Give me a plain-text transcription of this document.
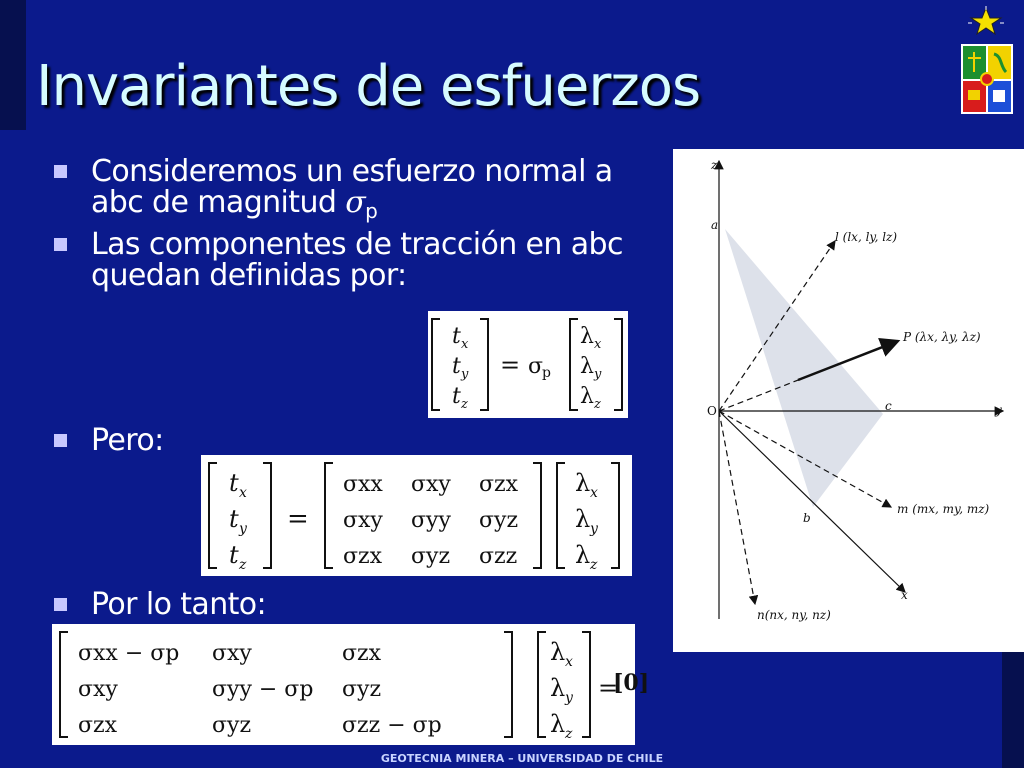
Invariantes de esfuerzos
Consideremos un esfuerzo normal a
abc de magnitud $\sigma_p$
Las componentes de tracción en abc
quedan definidas por:
Pero:
Por lo tanto:
t
t
t
x
y
z
= σ
p
λ
λ
λ
x
y
z
t
t
t
x
y
z
=
σxx σxy σzx
σxy σyy σyz
σzx σyz σzz
λ
λ
λ
x
y
z
σxx − σp σxy	σzx
σxy	σyy − σp σyz
σzx	σyz	σzz − σp
λ
λ
λ
x
y
z
=
[0]
z
a
y
c
b
x
l (lx, ly, lz)
P (λx, λy, λz)
m (mx, my, mz)
n(nx, ny, nz)
O
GEOTECNIA MINERA – UNIVERSIDAD DE CHILE
